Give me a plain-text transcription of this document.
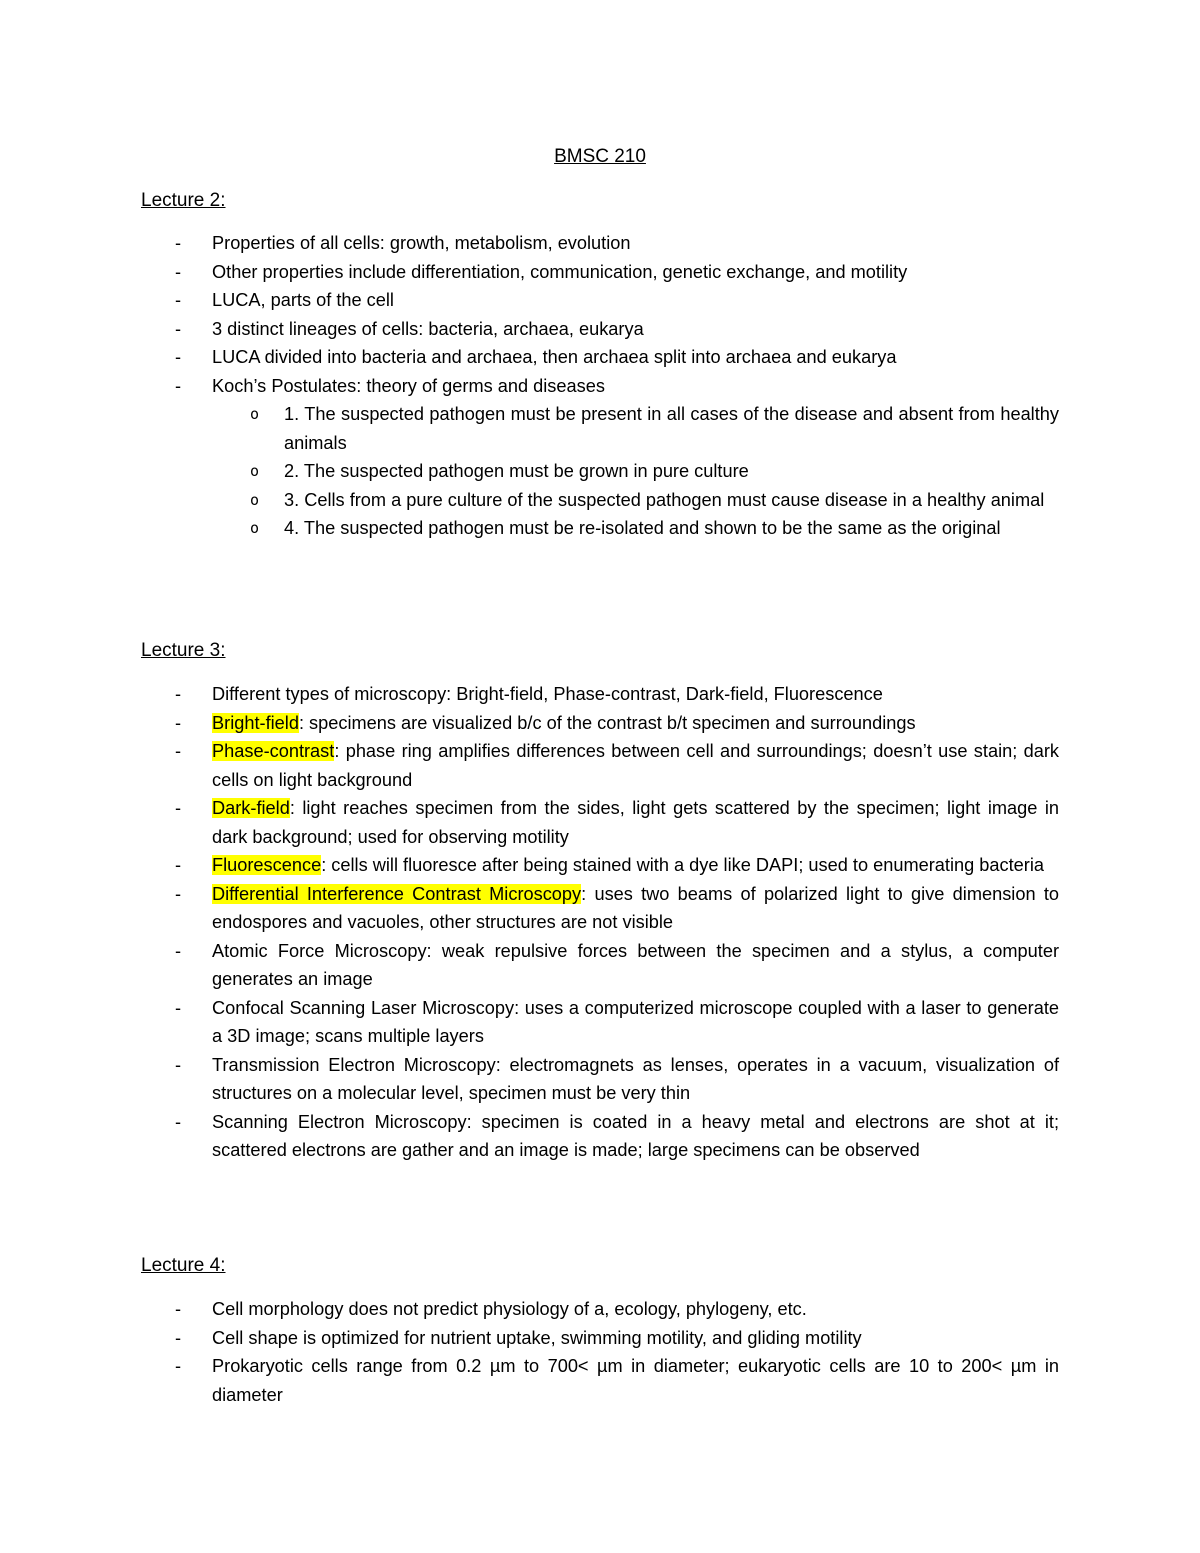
BMSC 210
Lecture 2:
- Properties of all cells: growth, metabolism, evolution
- Other properties include differentiation, communication, genetic exchange, and motility
- LUCA, parts of the cell
- 3 distinct lineages of cells: bacteria, archaea, eukarya
- LUCA divided into bacteria and archaea, then archaea split into archaea and eukarya
- Koch’s Postulates: theory of germs and diseases
o 1. The suspected pathogen must be present in all cases of the disease and absent from healthy animals
o 2. The suspected pathogen must be grown in pure culture
o 3. Cells from a pure culture of the suspected pathogen must cause disease in a healthy animal
o 4. The suspected pathogen must be re-isolated and shown to be the same as the original
Lecture 3:
- Different types of microscopy: Bright-field, Phase-contrast, Dark-field, Fluorescence
- Bright-field: specimens are visualized b/c of the contrast b/t specimen and surroundings
- Phase-contrast: phase ring amplifies differences between cell and surroundings; doesn’t use stain; dark cells on light background
- Dark-field: light reaches specimen from the sides, light gets scattered by the specimen; light image in dark background; used for observing motility
- Fluorescence: cells will fluoresce after being stained with a dye like DAPI; used to enumerating bacteria
- Differential Interference Contrast Microscopy: uses two beams of polarized light to give dimension to endospores and vacuoles, other structures are not visible
- Atomic Force Microscopy: weak repulsive forces between the specimen and a stylus, a computer generates an image
- Confocal Scanning Laser Microscopy: uses a computerized microscope coupled with a laser to generate a 3D image; scans multiple layers
- Transmission Electron Microscopy: electromagnets as lenses, operates in a vacuum, visualization of structures on a molecular level, specimen must be very thin
- Scanning Electron Microscopy: specimen is coated in a heavy metal and electrons are shot at it; scattered electrons are gather and an image is made; large specimens can be observed
Lecture 4:
- Cell morphology does not predict physiology of a, ecology, phylogeny, etc.
- Cell shape is optimized for nutrient uptake, swimming motility, and gliding motility
- Prokaryotic cells range from 0.2 µm to 700< µm in diameter; eukaryotic cells are 10 to 200< µm in diameter
